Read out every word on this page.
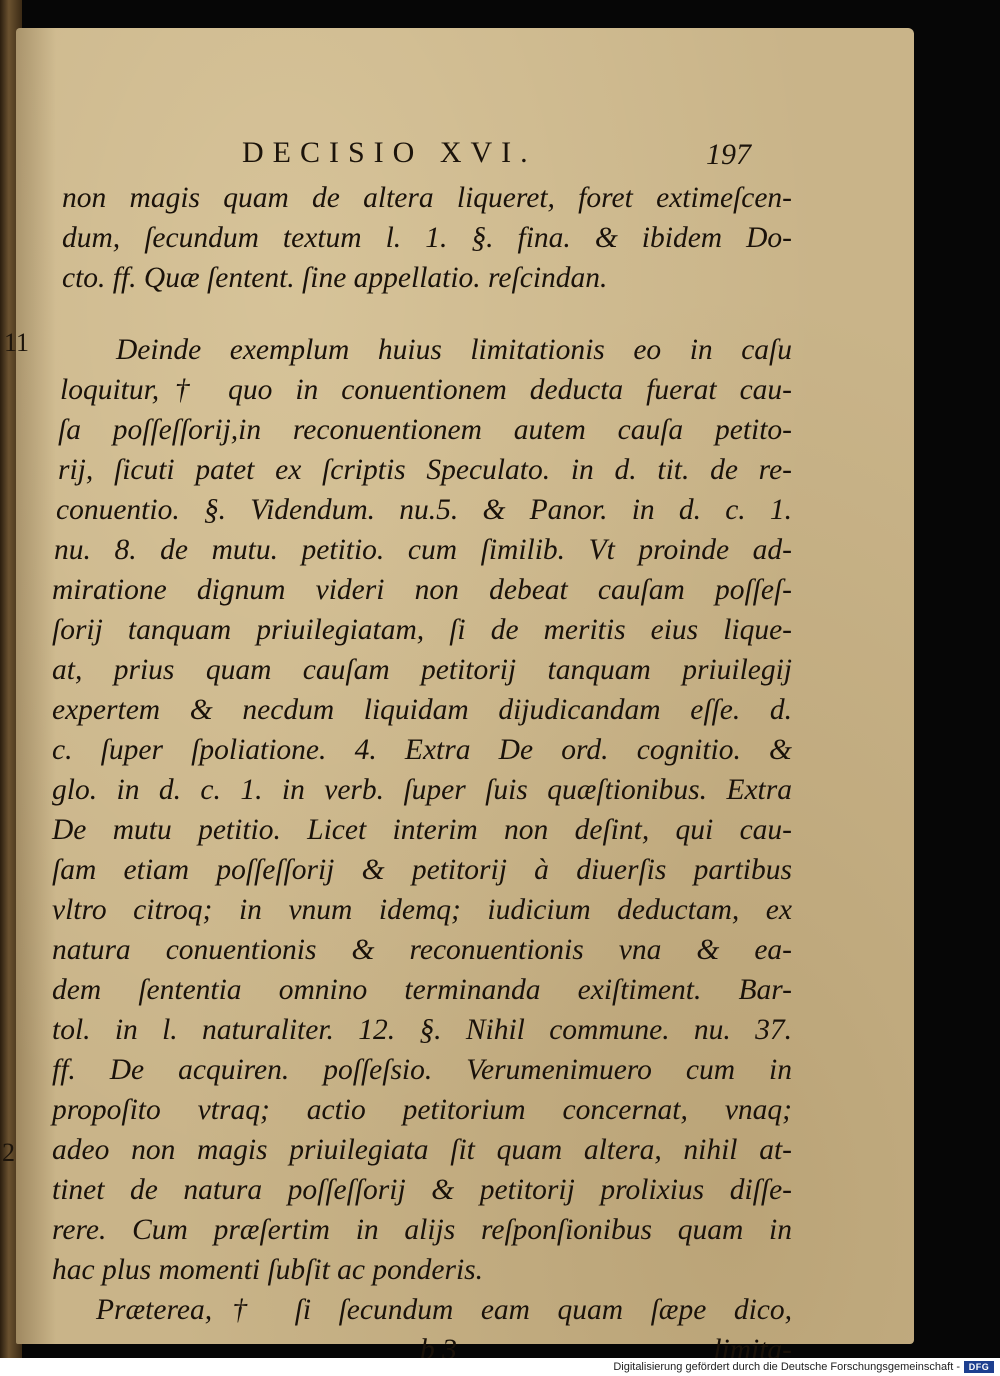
11
2
DECISIO XVI.	197
non magis quam de altera liqueret, foret extimeſcen-
dum, ſecundum textum l. 1. §. fina. & ibidem Do-
cto. ff. Quæ ſentent. ſine appellatio. reſcindan.
Deinde exemplum huius limitationis eo in caſu
loquitur,† quo in conuentionem deducta fuerat cau-
ſa poſſeſſorij,in reconuentionem autem cauſa petito-
rij, ſicuti patet ex ſcriptis Speculato. in d. tit. de re-
conuentio. §. Videndum. nu.5. & Panor. in d. c. 1.
nu. 8. de mutu. petitio. cum ſimilib. Vt proinde ad-
miratione dignum videri non debeat cauſam poſſeſ-
ſorij tanquam priuilegiatam, ſi de meritis eius lique-
at, prius quam cauſam petitorij tanquam priuilegij
expertem & necdum liquidam dijudicandam eſſe. d.
c. ſuper ſpoliatione. 4. Extra De ord. cognitio. &
glo. in d. c. 1. in verb. ſuper ſuis quæſtionibus. Extra
De mutu petitio. Licet interim non deſint, qui cau-
ſam etiam poſſeſſorij & petitorij à diuerſis partibus
vltro citroq; in vnum idemq; iudicium deductam, ex
natura conuentionis & reconuentionis vna & ea-
dem ſententia omnino terminanda exiſtiment. Bar-
tol. in l. naturaliter. 12. §. Nihil commune. nu. 37.
ff. De acquiren. poſſeſsio. Verumenimuero cum in
propoſito vtraq; actio petitorium concernat, vnaq;
adeo non magis priuilegiata ſit quam altera, nihil at-
tinet de natura poſſeſſorij & petitorij prolixius diſſe-
rere. Cum præſertim in alijs reſponſionibus quam in
hac plus momenti ſubſit ac ponderis.
Præterea,† ſi ſecundum eam quam ſæpe dico,
b 3	limita-
Digitalisierung gefördert durch die Deutsche Forschungsgemeinschaft - DFG
